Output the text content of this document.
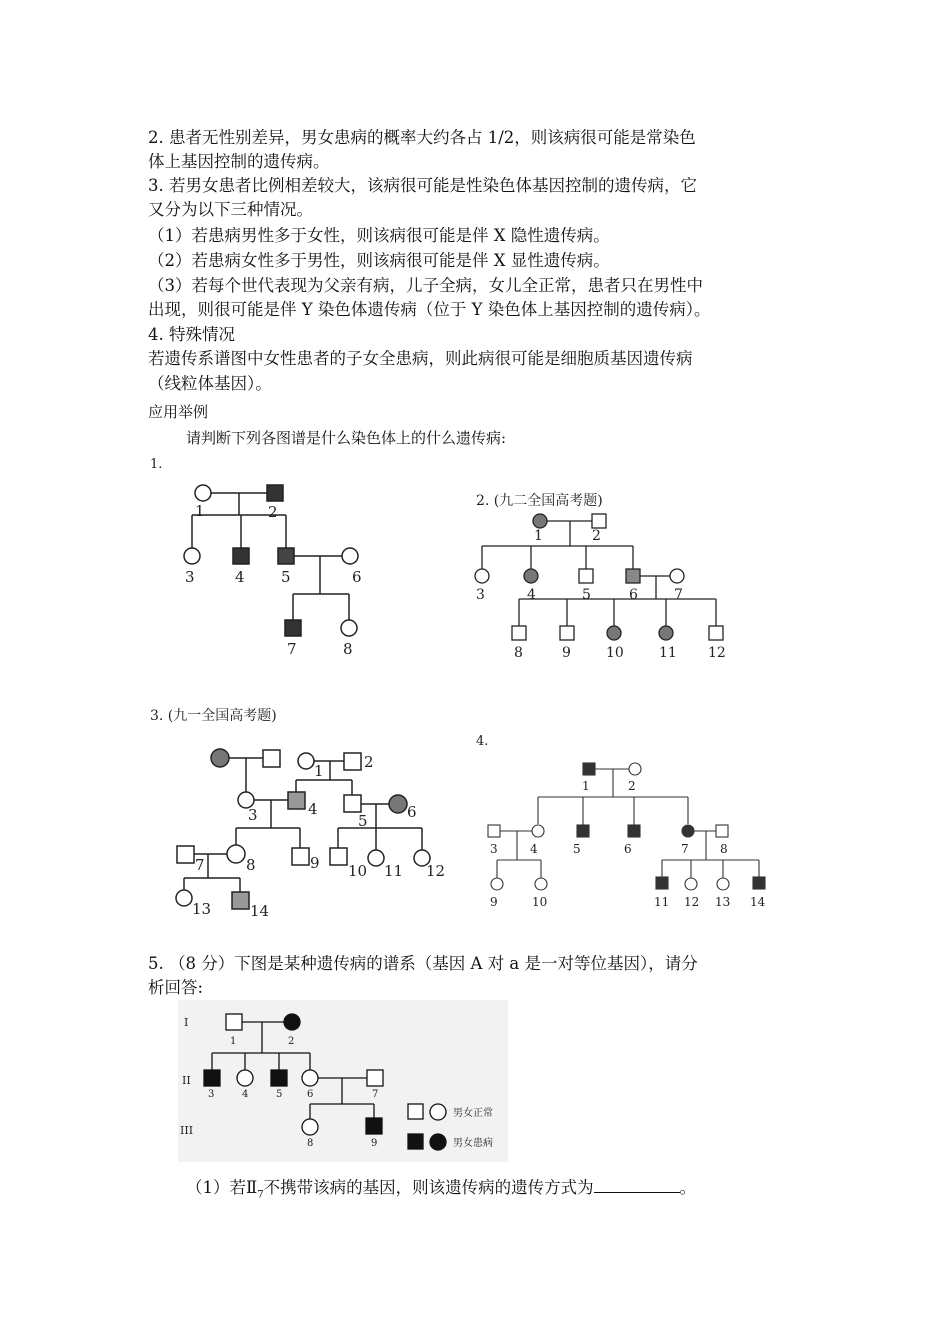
2. 患者无性别差异，男女患病的概率大约各占 1/2，则该病很可能是常染色
体上基因控制的遗传病。
3. 若男女患者比例相差较大，该病很可能是性染色体基因控制的遗传病，它
又分为以下三种情况。
（1）若患病男性多于女性，则该病很可能是伴 X 隐性遗传病。
（2）若患病女性多于男性，则该病很可能是伴 X 显性遗传病。
（3）若每个世代表现为父亲有病，儿子全病，女儿全正常，患者只在男性中
出现，则很可能是伴 Y 染色体遗传病（位于 Y 染色体上基因控制的遗传病）。
4. 特殊情况
若遗传系谱图中女性患者的子女全患病，则此病很可能是细胞质基因遗传病
（线粒体基因）。
应用举例
请判断下列各图谱是什么染色体上的什么遗传病:
1.
1	2
3	4 5	6
7	8
2. (九二全国高考题)
1	2
3	4	5	6	7
8	9	10	11 12
3. (九一全国高考题)
1	2
3	4
5	6
7	8	9 10 11 12
13	14
4.
1	2
3	4	5	6	7	8
9	10	11 12 13 14
5. （8 分）下图是某种遗传病的谱系（基因 A 对 a 是一对等位基因），请分
析回答:
I
II
III
1	2
3	4	5 6	7
8	9
男女正常
男女患病
（1）若$Ⅱ_7$不携带该病的基因，则该遗传病的遗传方式为	。
